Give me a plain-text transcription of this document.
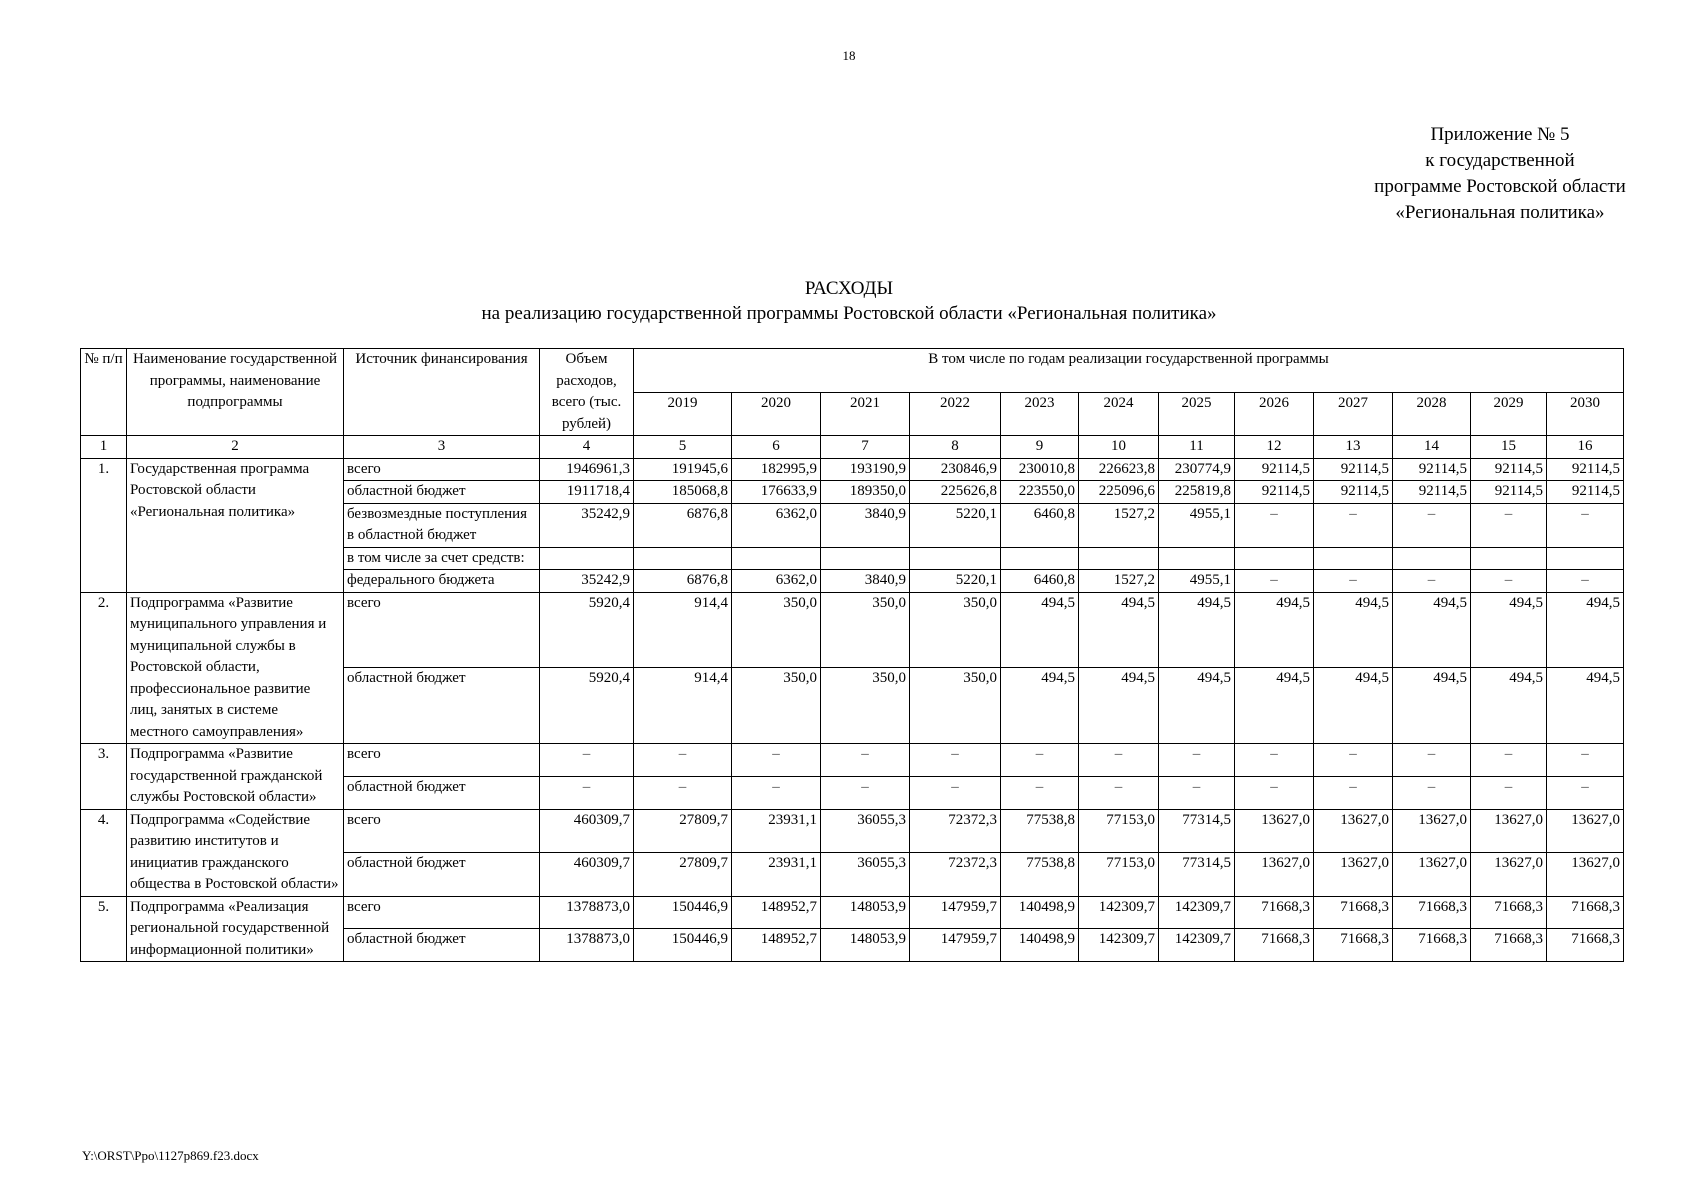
18
Приложение № 5
к государственной
программе Ростовской области
«Региональная политика»
РАСХОДЫ
на реализацию государственной программы Ростовской области «Региональная политика»
№ п/п	Наименование государственной программы, наименование подпрограммы	Источник финансирования	Объем расходов, всего (тыс. рублей)	В том числе по годам реализации государственной программы											
				2019	2020	2021	2022	2023	2024	2025	2026	2027	2028	2029	2030
1	2	3	4	5	6	7	8	9	10	11	12	13	14	15	16
1.	Государственная программа Ростовской области «Региональная политика»	всего	1946961,3	191945,6	182995,9	193190,9	230846,9	230010,8	226623,8	230774,9	92114,5	92114,5	92114,5	92114,5	92114,5
		областной бюджет	1911718,4	185068,8	176633,9	189350,0	225626,8	223550,0	225096,6	225819,8	92114,5	92114,5	92114,5	92114,5	92114,5
		безвозмездные поступления в областной бюджет	35242,9	6876,8	6362,0	3840,9	5220,1	6460,8	1527,2	4955,1	–	–	–	–	–
		в том числе за счет средств:													
		федерального бюджета	35242,9	6876,8	6362,0	3840,9	5220,1	6460,8	1527,2	4955,1	–	–	–	–	–
2.	Подпрограмма «Развитие муниципального управления и муниципальной службы в Ростовской области, профессиональное развитие лиц, занятых в системе местного самоуправления»	всего	5920,4	914,4	350,0	350,0	350,0	494,5	494,5	494,5	494,5	494,5	494,5	494,5	494,5
		областной бюджет	5920,4	914,4	350,0	350,0	350,0	494,5	494,5	494,5	494,5	494,5	494,5	494,5	494,5
3.	Подпрограмма «Развитие государственной гражданской службы Ростовской области»	всего	–	–	–	–	–	–	–	–	–	–	–	–	–
		областной бюджет	–	–	–	–	–	–	–	–	–	–	–	–	–
4.	Подпрограмма «Содействие развитию институтов и инициатив гражданского общества в Ростовской области»	всего	460309,7	27809,7	23931,1	36055,3	72372,3	77538,8	77153,0	77314,5	13627,0	13627,0	13627,0	13627,0	13627,0
		областной бюджет	460309,7	27809,7	23931,1	36055,3	72372,3	77538,8	77153,0	77314,5	13627,0	13627,0	13627,0	13627,0	13627,0
5.	Подпрограмма «Реализация региональной государственной информационной политики»	всего	1378873,0	150446,9	148952,7	148053,9	147959,7	140498,9	142309,7	142309,7	71668,3	71668,3	71668,3	71668,3	71668,3
		областной бюджет	1378873,0	150446,9	148952,7	148053,9	147959,7	140498,9	142309,7	142309,7	71668,3	71668,3	71668,3	71668,3	71668,3
Y:\ORST\Ppo\1127p869.f23.docx
